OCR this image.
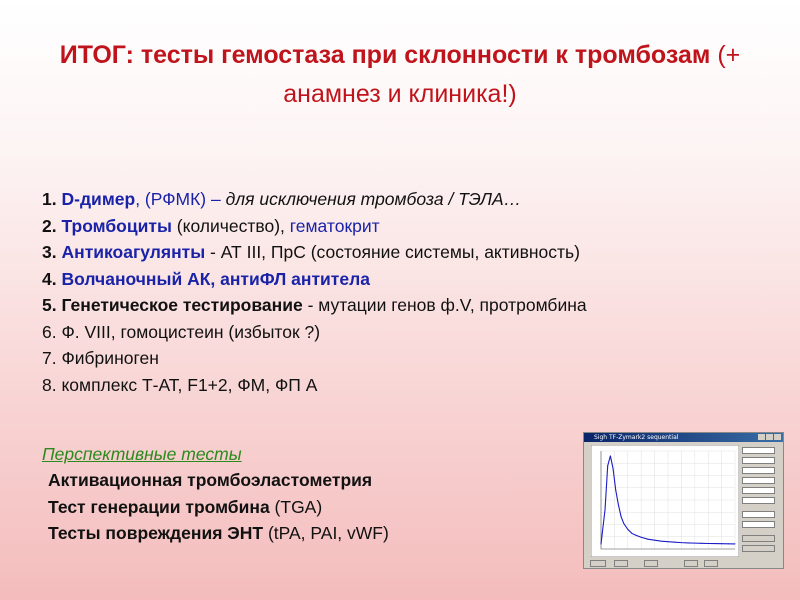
ИТОГ: тесты гемостаза при склонности к тромбозам (+ анамнез и клиника!)
1. D-димер, (РФМК) – для исключения тромбоза / ТЭЛА…
2. Тромбоциты (количество), гематокрит
3. Антикоагулянты - АТ III, ПрС (состояние системы, активность)
4. Волчаночный АК, антиФЛ антитела
5. Генетическое тестирование - мутации генов ф.V, протромбина
6. Ф. VIII, гомоцистеин (избыток ?)
7. Фибриноген
8. комплекс Т-АТ, F1+2, ФМ, ФП А
Перспективные тесты
Активационная тромбоэластометрия
Тест генерации тромбина (TGA)
Тесты повреждения ЭНТ (tPA, PAI, vWF)
Sigh TF-Zymark2 sequential
